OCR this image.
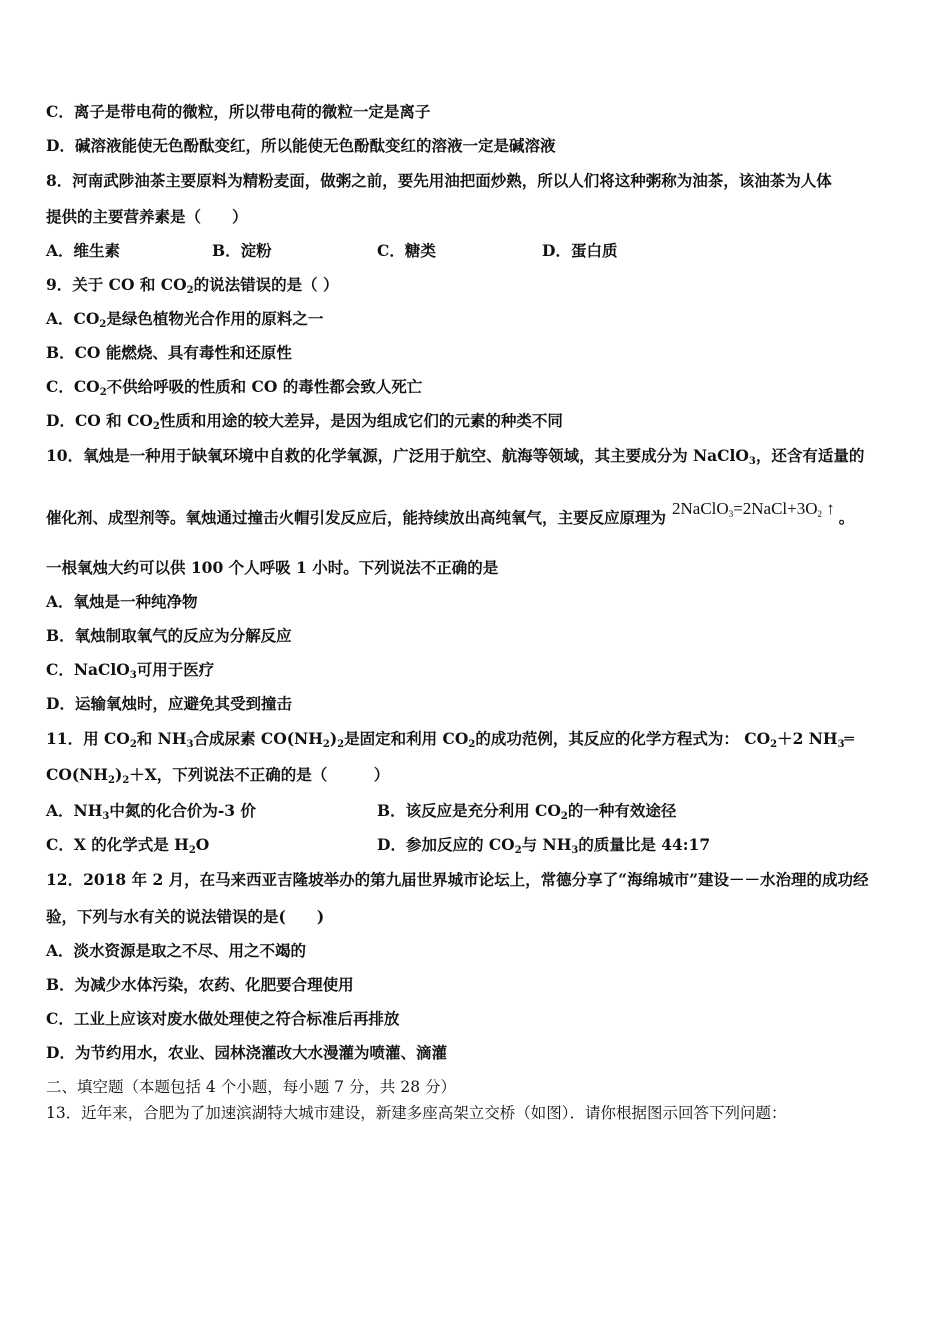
C．离子是带电荷的微粒，所以带电荷的微粒一定是离子
D．碱溶液能使无色酚酞变红，所以能使无色酚酞变红的溶液一定是碱溶液
8．河南武陟油茶主要原料为精粉麦面，做粥之前，要先用油把面炒熟，所以人们将这种粥称为油茶，该油茶为人体
提供的主要营养素是（　　）
A．维生素	B．淀粉	C．糖类	D．蛋白质
9．关于 CO 和 $CO_2$的说法错误的是（ ）
A．$CO_2$是绿色植物光合作用的原料之一
B．CO 能燃烧、具有毒性和还原性
C．$CO_2$不供给呼吸的性质和 CO 的毒性都会致人死亡
D．CO 和 $CO_2$性质和用途的较大差异，是因为组成它们的元素的种类不同
10．氧烛是一种用于缺氧环境中自救的化学氧源，广泛用于航空、航海等领域，其主要成分为 NaClO$_3$，还含有适量的
催化剂、成型剂等。氧烛通过撞击火帽引发反应后，能持续放出高纯氧气，主要反应原理为 $2NaClO_3=2NaCl+3O_2$ ↑ 。
一根氧烛大约可以供 100 个人呼吸 1 小时。下列说法不正确的是
A．氧烛是一种纯净物
B．氧烛制取氧气的反应为分解反应
C．NaClO$_3$可用于医疗
D．运输氧烛时，应避免其受到撞击
11．用 $CO_2$和 $NH_3$合成尿素 $CO(NH_2)_2$是固定和利用 $CO_2$的成功范例，其反应的化学方程式为： $CO_2+2$ $NH_3═$
$CO(NH_2)_2+X$，下列说法不正确的是（　　　）
A．$NH_3$中氮的化合价为-3 价	B．该反应是充分利用 $CO_2$的一种有效途径
C．X 的化学式是 $H_2O$	D．参加反应的 $CO_2$与 $NH_3$的质量比是 44:17
12．2018 年 2 月，在马来西亚吉隆坡举办的第九届世界城市论坛上，常德分享了“海绵城市”建设－－水治理的成功经
验，下列与水有关的说法错误的是(　　)
A．淡水资源是取之不尽、用之不竭的
B．为减少水体污染，农药、化肥要合理使用
C．工业上应该对废水做处理使之符合标准后再排放
D．为节约用水，农业、园林浇灌改大水漫灌为喷灌、滴灌
二、填空题（本题包括 4 个小题，每小题 7 分，共 28 分）
13．近年来，合肥为了加速滨湖特大城市建设，新建多座高架立交桥（如图）．请你根据图示回答下列问题：
